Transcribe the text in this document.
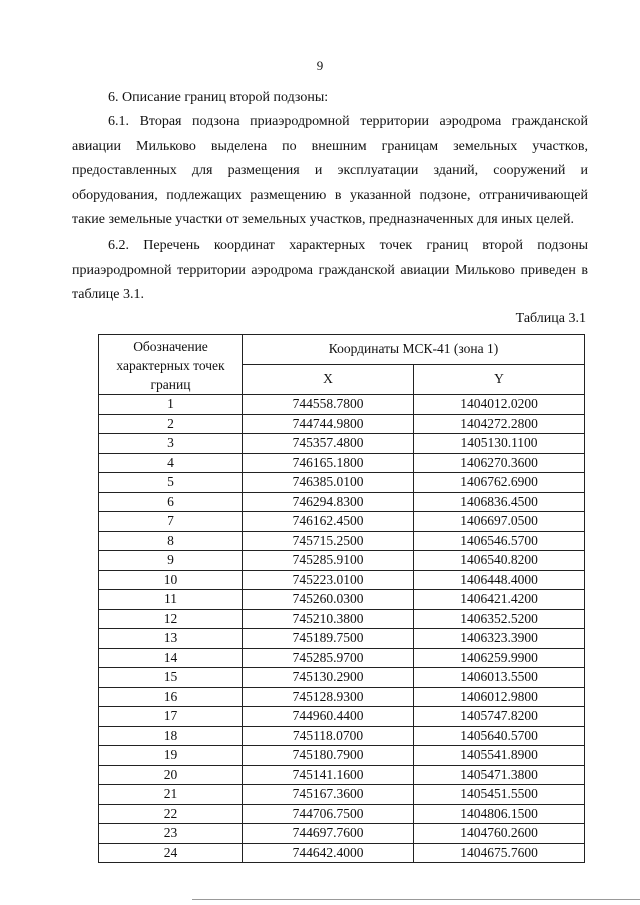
9
6. Описание границ второй подзоны:
6.1. Вторая подзона приаэродромной территории аэродрома гражданской авиации Мильково выделена по внешним границам земельных участков, предоставленных для размещения и эксплуатации зданий, сооружений и оборудования, подлежащих размещению в указанной подзоне, отграничивающей такие земельные участки от земельных участков, предназначенных для иных целей.
6.2. Перечень координат характерных точек границ второй подзоны приаэродромной территории аэродрома гражданской авиации Мильково приведен в таблице 3.1.
Таблица 3.1
Обозначение характерных точек границ	Координаты МСК-41 (зона 1)	
	X	Y
1	744558.7800	1404012.0200
2	744744.9800	1404272.2800
3	745357.4800	1405130.1100
4	746165.1800	1406270.3600
5	746385.0100	1406762.6900
6	746294.8300	1406836.4500
7	746162.4500	1406697.0500
8	745715.2500	1406546.5700
9	745285.9100	1406540.8200
10	745223.0100	1406448.4000
11	745260.0300	1406421.4200
12	745210.3800	1406352.5200
13	745189.7500	1406323.3900
14	745285.9700	1406259.9900
15	745130.2900	1406013.5500
16	745128.9300	1406012.9800
17	744960.4400	1405747.8200
18	745118.0700	1405640.5700
19	745180.7900	1405541.8900
20	745141.1600	1405471.3800
21	745167.3600	1405451.5500
22	744706.7500	1404806.1500
23	744697.7600	1404760.2600
24	744642.4000	1404675.7600
